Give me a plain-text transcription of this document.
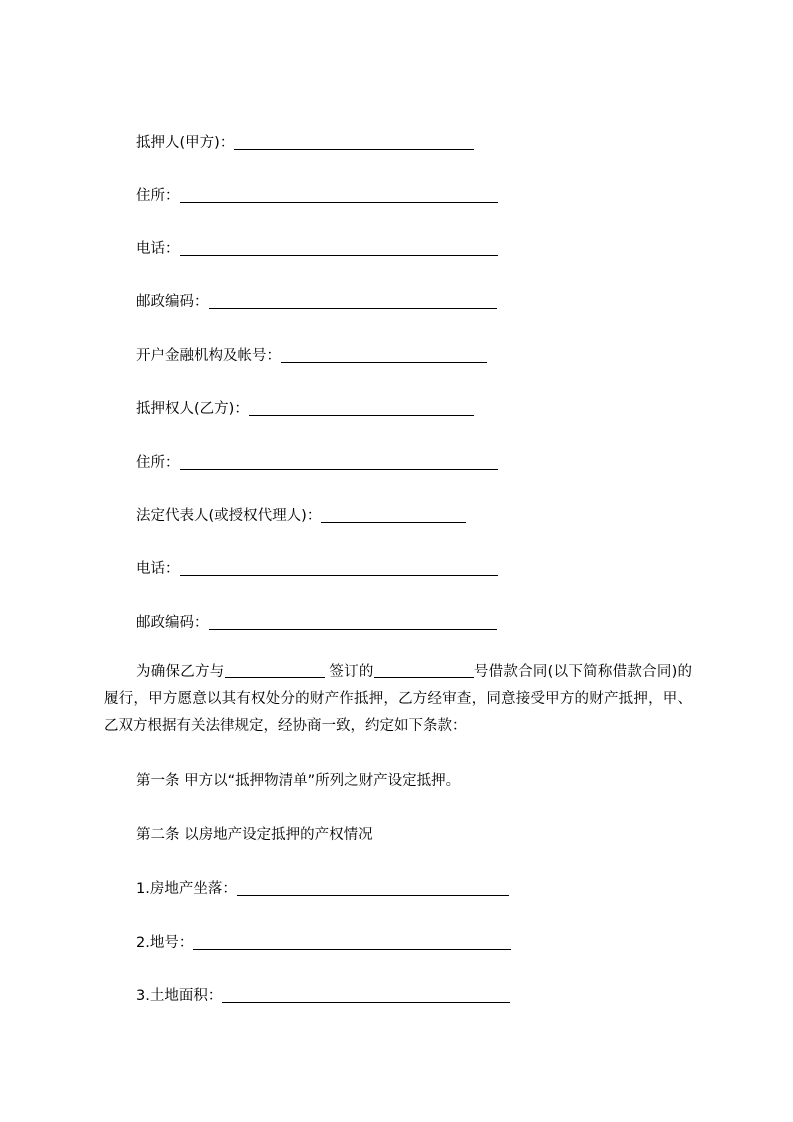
抵押人(甲方)：
住所：
电话：
邮政编码：
开户金融机构及帐号：
抵押权人(乙方)：
住所：
法定代表人(或授权代理人)：
电话：
邮政编码：

为确保乙方与	签订的	号借款合同(以下简称借款合同)的履行，甲方愿意以其有权处分的财产作抵押，乙方经审查，同意接受甲方的财产抵押，甲、乙双方根据有关法律规定，经协商一致，约定如下条款：

第一条 甲方以“抵押物清单”所列之财产设定抵押。
第二条 以房地产设定抵押的产权情况
1.房地产坐落：
2.地号：
3.土地面积：
